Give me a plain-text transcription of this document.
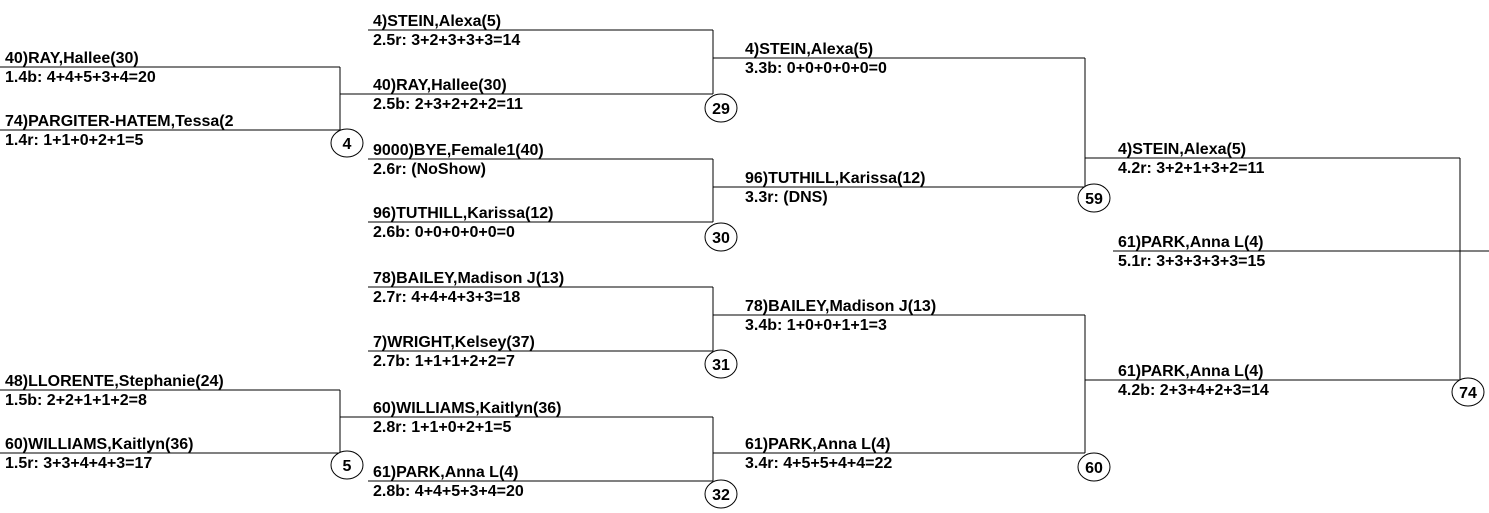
40)RAY,Hallee(30)
1.4b: 4+4+5+3+4=20
74)PARGITER-HATEM,Tessa(2
1.4r: 1+1+0+2+1=5
48)LLORENTE,Stephanie(24)
1.5b: 2+2+1+1+2=8
60)WILLIAMS,Kaitlyn(36)
1.5r: 3+3+4+4+3=17
4)STEIN,Alexa(5)
2.5r: 3+2+3+3+3=14
40)RAY,Hallee(30)
2.5b: 2+3+2+2+2=11
9000)BYE,Female1(40)
2.6r: (NoShow)
96)TUTHILL,Karissa(12)
2.6b: 0+0+0+0+0=0
78)BAILEY,Madison J(13)
2.7r: 4+4+4+3+3=18
7)WRIGHT,Kelsey(37)
2.7b: 1+1+1+2+2=7
60)WILLIAMS,Kaitlyn(36)
2.8r: 1+1+0+2+1=5
61)PARK,Anna L(4)
2.8b: 4+4+5+3+4=20
4)STEIN,Alexa(5)
3.3b: 0+0+0+0+0=0
96)TUTHILL,Karissa(12)
3.3r: (DNS)
78)BAILEY,Madison J(13)
3.4b: 1+0+0+1+1=3
61)PARK,Anna L(4)
3.4r: 4+5+5+4+4=22
4)STEIN,Alexa(5)
4.2r: 3+2+1+3+2=11
61)PARK,Anna L(4)
4.2b: 2+3+4+2+3=14
61)PARK,Anna L(4)
5.1r: 3+3+3+3+3=15
4
5
29
30
31
32
59
60
74
